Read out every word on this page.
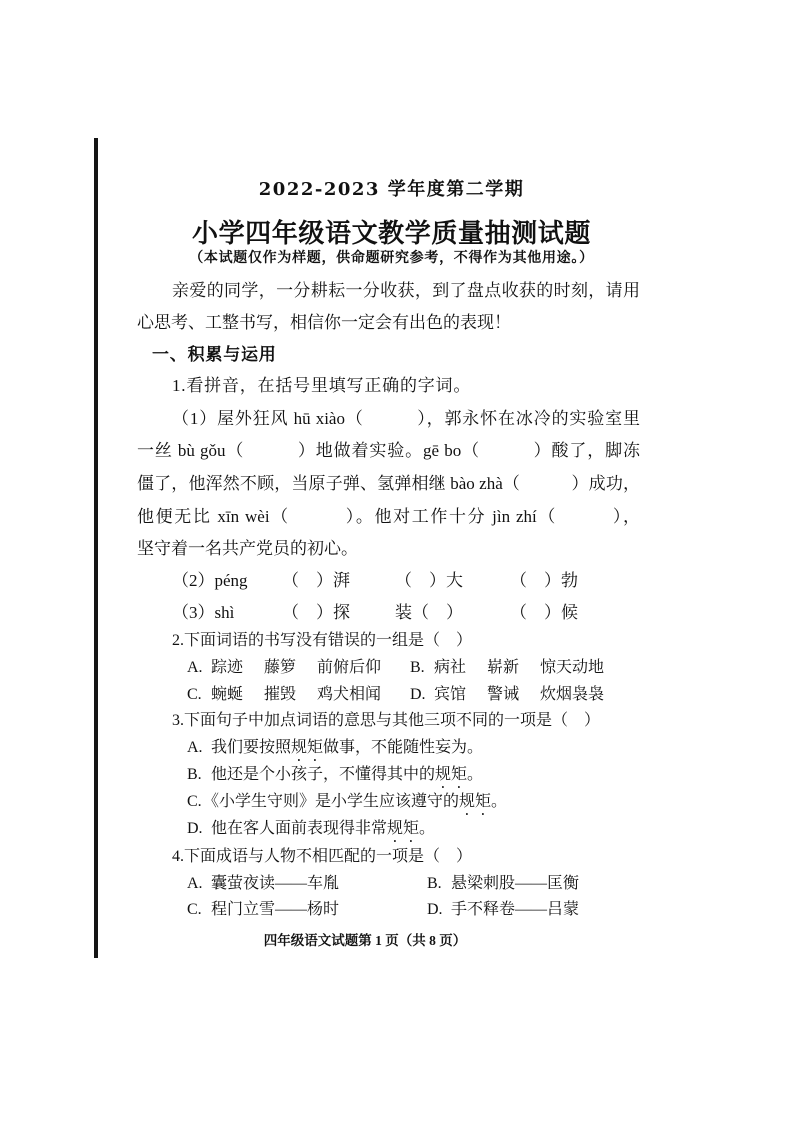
2022-2023 学年度第二学期
小学四年级语文教学质量抽测试题
（本试题仅作为样题，供命题研究参考，不得作为其他用途。）
亲爱的同学，一分耕耘一分收获，到了盘点收获的时刻，请用
心思考、工整书写，相信你一定会有出色的表现！
一、积累与运用
1.看拼音，在括号里填写正确的字词。
（1）屋外狂风 hū xiào（　　　），郭永怀在冰冷的实验室里
一丝 bù gǒu（　　　）地做着实验。gē bo（　　　）酸了，脚冻
僵了，他浑然不顾，当原子弹、氢弹相继 bào zhà（　　　）成功，
他便无比 xīn wèi（　　　）。他对工作十分 jìn zhí（　　　），
坚守着一名共产党员的初心。
（2）péng （　）湃	（　）大	（　）勃
（3）shì	（　）探	装（　）	（　）候
2.下面词语的书写没有错误的一组是（　）
A. 踪迹 藤箩 前俯后仰	B. 病社 崭新 惊天动地
C. 蜿蜒 摧毁 鸡犬相闻	D. 宾馆 警诫 炊烟袅袅
3.下面句子中加点词语的意思与其他三项不同的一项是（　）
A. 我们要按照规矩做事，不能随性妄为。
B. 他还是个小孩子，不懂得其中的规矩。
C.《小学生守则》是小学生应该遵守的规矩。
D. 他在客人面前表现得非常规矩。
4.下面成语与人物不相匹配的一项是（　）
A. 囊萤夜读——车胤	B. 悬梁刺股——匡衡
C. 程门立雪——杨时	D. 手不释卷——吕蒙
四年级语文试题第 1 页（共 8 页）
